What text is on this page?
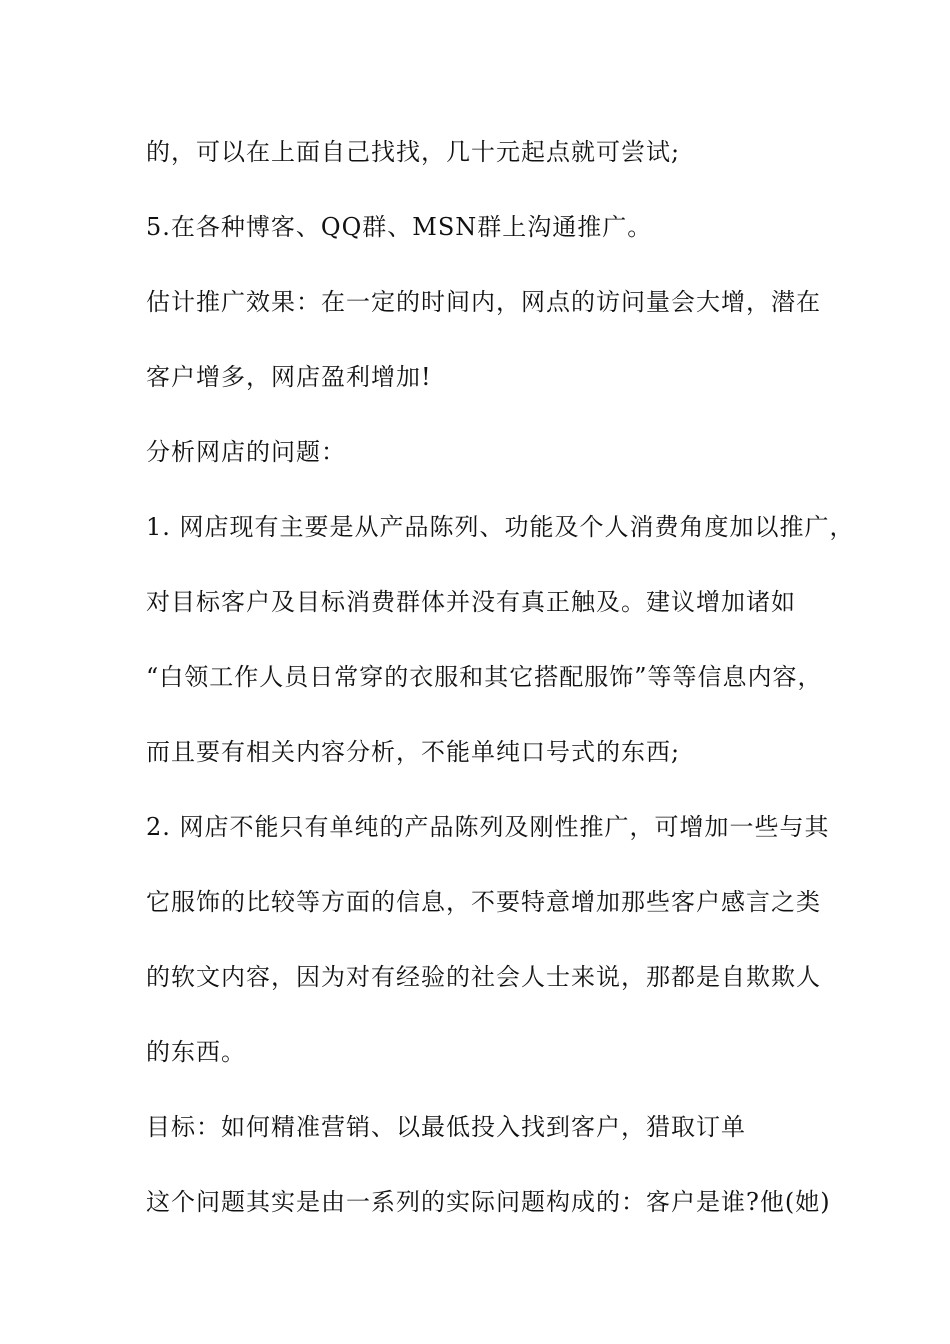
的，可以在上面自己找找，几十元起点就可尝试;
5.在各种博客、QQ群、MSN群上沟通推广。
估计推广效果：在一定的时间内，网点的访问量会大增，潜在
客户增多，网店盈利增加!
分析网店的问题：
1. 网店现有主要是从产品陈列、功能及个人消费角度加以推广，
对目标客户及目标消费群体并没有真正触及。建议增加诸如
“白领工作人员日常穿的衣服和其它搭配服饰”等等信息内容，
而且要有相关内容分析，不能单纯口号式的东西;
2. 网店不能只有单纯的产品陈列及刚性推广，可增加一些与其
它服饰的比较等方面的信息，不要特意增加那些客户感言之类
的软文内容，因为对有经验的社会人士来说，那都是自欺欺人
的东西。
目标：如何精准营销、以最低投入找到客户，猎取订单
这个问题其实是由一系列的实际问题构成的：客户是谁?他(她)
